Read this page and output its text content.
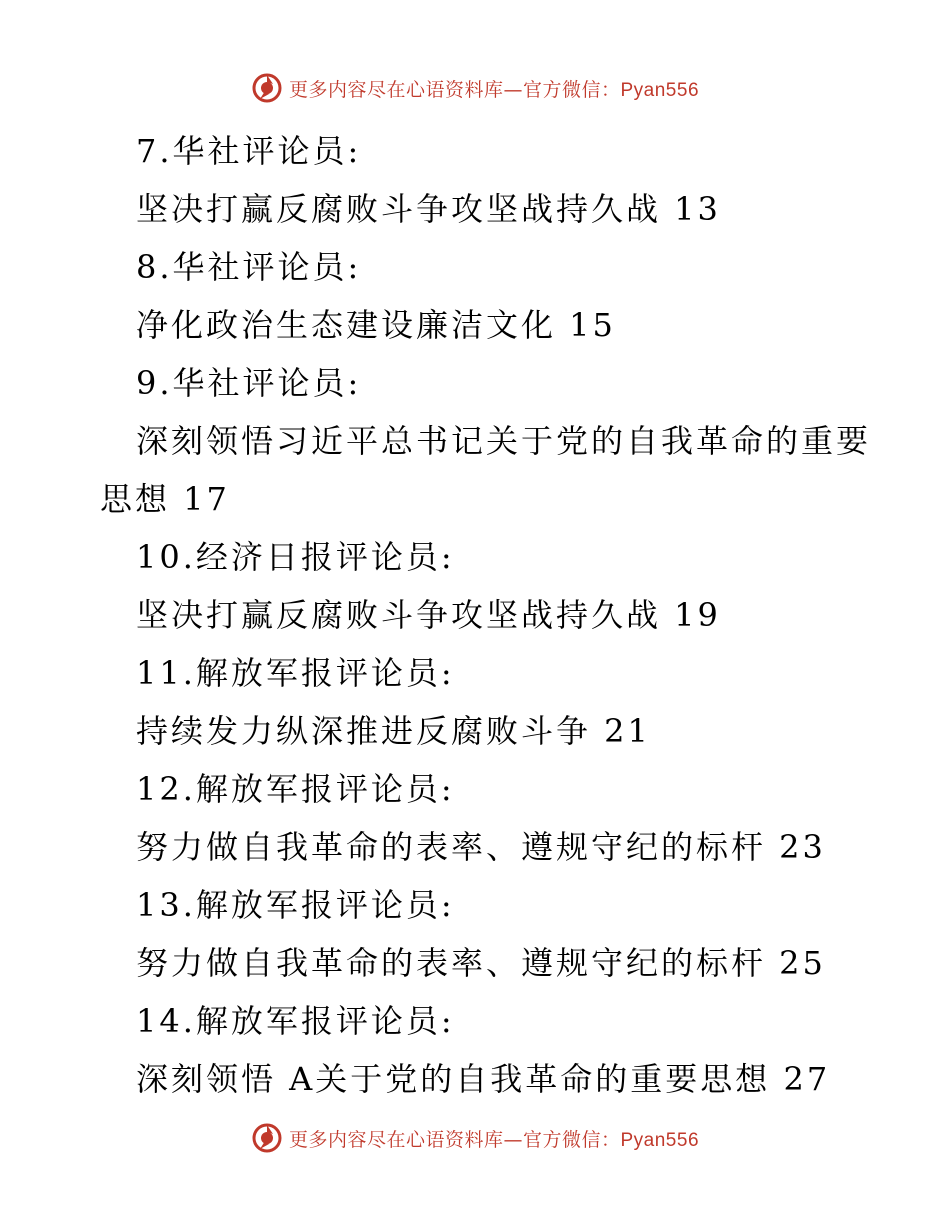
更多内容尽在心语资料库—官方微信：Pyan556
7.华社评论员:
坚决打赢反腐败斗争攻坚战持久战 13
8.华社评论员:
净化政治生态建设廉洁文化 15
9.华社评论员:
深刻领悟习近平总书记关于党的自我革命的重要思想 17
10.经济日报评论员:
坚决打赢反腐败斗争攻坚战持久战 19
11.解放军报评论员:
持续发力纵深推进反腐败斗争 21
12.解放军报评论员:
努力做自我革命的表率、遵规守纪的标杆 23
13.解放军报评论员:
努力做自我革命的表率、遵规守纪的标杆 25
14.解放军报评论员:
深刻领悟 A关于党的自我革命的重要思想 27
更多内容尽在心语资料库—官方微信：Pyan556
